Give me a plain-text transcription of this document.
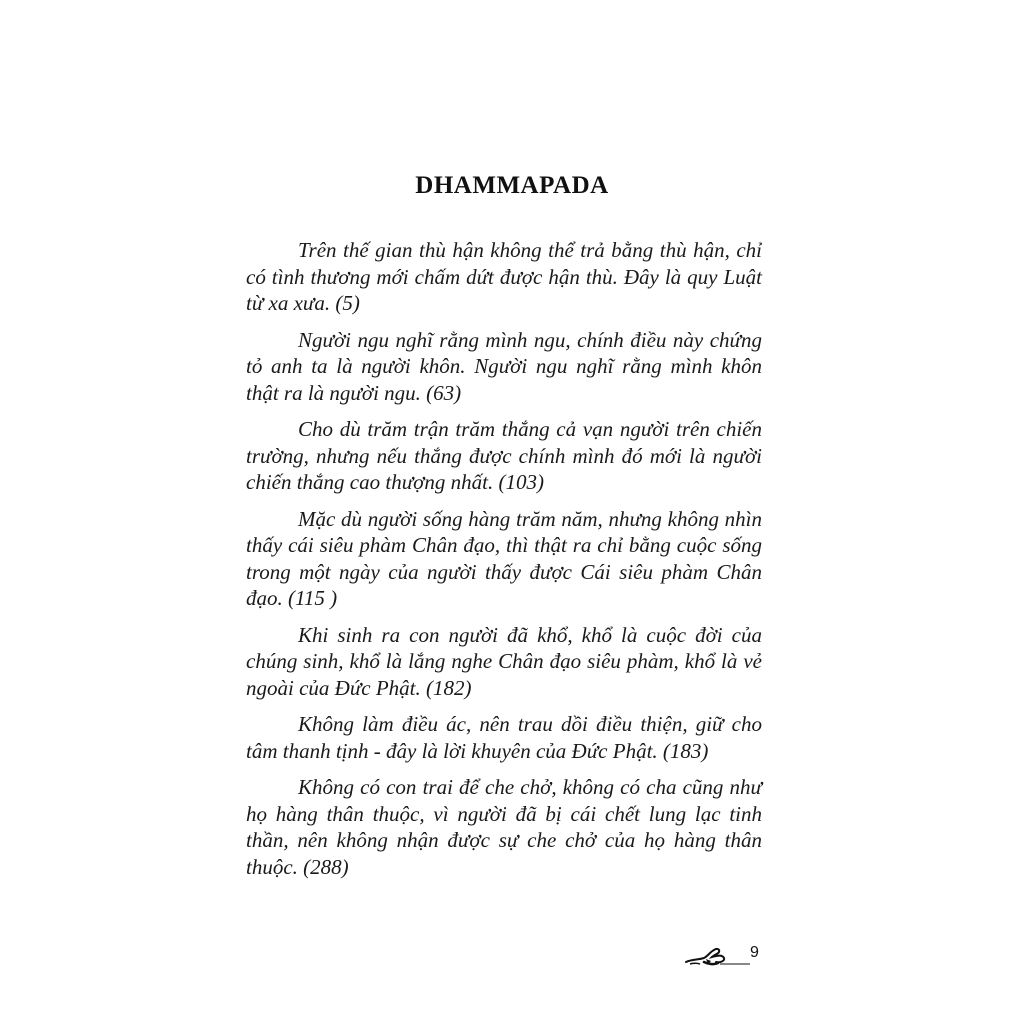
DHAMMAPADA

Trên thế gian thù hận không thể trả bằng thù hận, chỉ có tình thương mới chấm dứt được hận thù. Đây là quy Luật từ xa xưa. (5)

Người ngu nghĩ rằng mình ngu, chính điều này chứng tỏ anh ta là người khôn. Người ngu nghĩ rằng mình khôn thật ra là người ngu. (63)

Cho dù trăm trận trăm thắng cả vạn người trên chiến trường, nhưng nếu thắng được chính mình đó mới là người chiến thắng cao thượng nhất. (103)

Mặc dù người sống hàng trăm năm, nhưng không nhìn thấy cái siêu phàm Chân đạo, thì thật ra chỉ bằng cuộc sống trong một ngày của người thấy được Cái siêu phàm Chân đạo. (115 )

Khi sinh ra con người đã khổ, khổ là cuộc đời của chúng sinh, khổ là lắng nghe Chân đạo siêu phàm, khổ là vẻ ngoài của Đức Phật. (182)

Không làm điều ác, nên trau dồi điều thiện, giữ cho tâm thanh tịnh - đây là lời khuyên của Đức Phật. (183)

Không có con trai để che chở, không có cha cũng như họ hàng thân thuộc, vì người đã bị cái chết lung lạc tinh thần, nên không nhận được sự che chở của họ hàng thân thuộc. (288)

9
